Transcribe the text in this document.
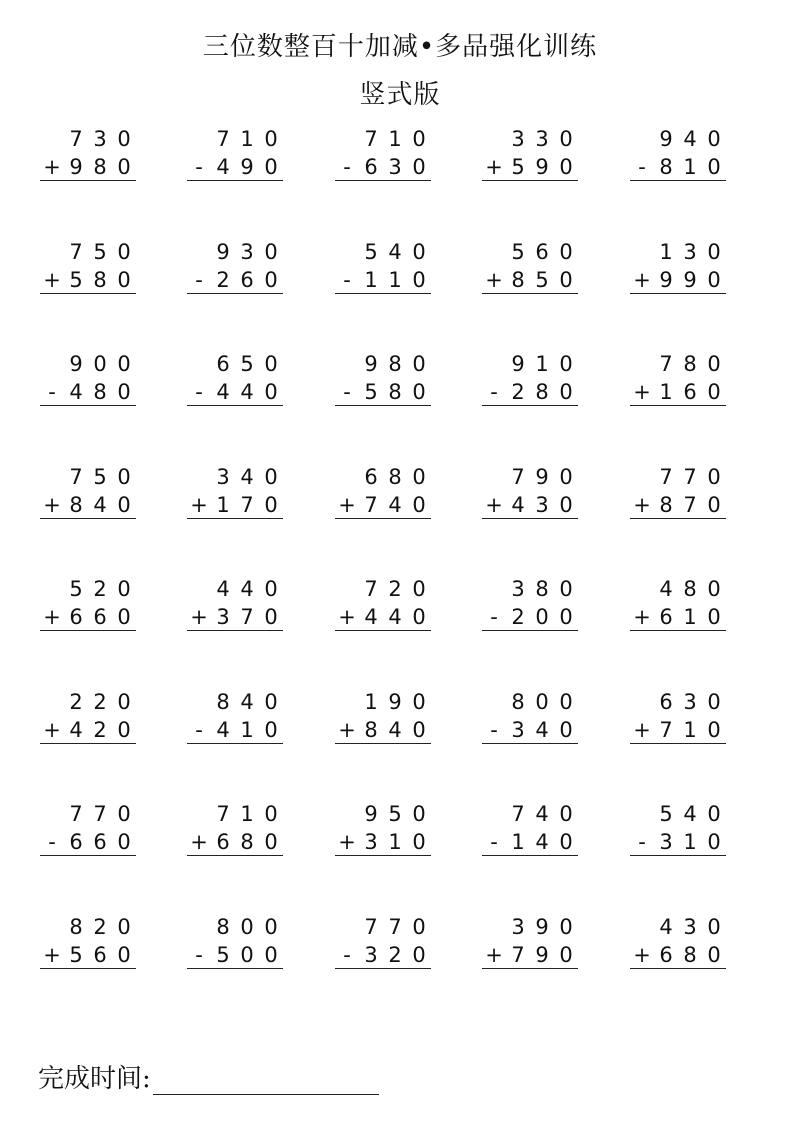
三位数整百十加减•多品强化训练
竖式版
7 3 0
+ 9 8 0
7 1 0
- 4 9 0
7 1 0
- 6 3 0
3 3 0
+ 5 9 0
9 4 0
- 8 1 0
7 5 0
+ 5 8 0
9 3 0
- 2 6 0
5 4 0
- 1 1 0
5 6 0
+ 8 5 0
1 3 0
+ 9 9 0
9 0 0
- 4 8 0
6 5 0
- 4 4 0
9 8 0
- 5 8 0
9 1 0
- 2 8 0
7 8 0
+ 1 6 0
7 5 0
+ 8 4 0
3 4 0
+ 1 7 0
6 8 0
+ 7 4 0
7 9 0
+ 4 3 0
7 7 0
+ 8 7 0
5 2 0
+ 6 6 0
4 4 0
+ 3 7 0
7 2 0
+ 4 4 0
3 8 0
- 2 0 0
4 8 0
+ 6 1 0
2 2 0
+ 4 2 0
8 4 0
- 4 1 0
1 9 0
+ 8 4 0
8 0 0
- 3 4 0
6 3 0
+ 7 1 0
7 7 0
- 6 6 0
7 1 0
+ 6 8 0
9 5 0
+ 3 1 0
7 4 0
- 1 4 0
5 4 0
- 3 1 0
8 2 0
+ 5 6 0
8 0 0
- 5 0 0
7 7 0
- 3 2 0
3 9 0
+ 7 9 0
4 3 0
+ 6 8 0
完成时间:
